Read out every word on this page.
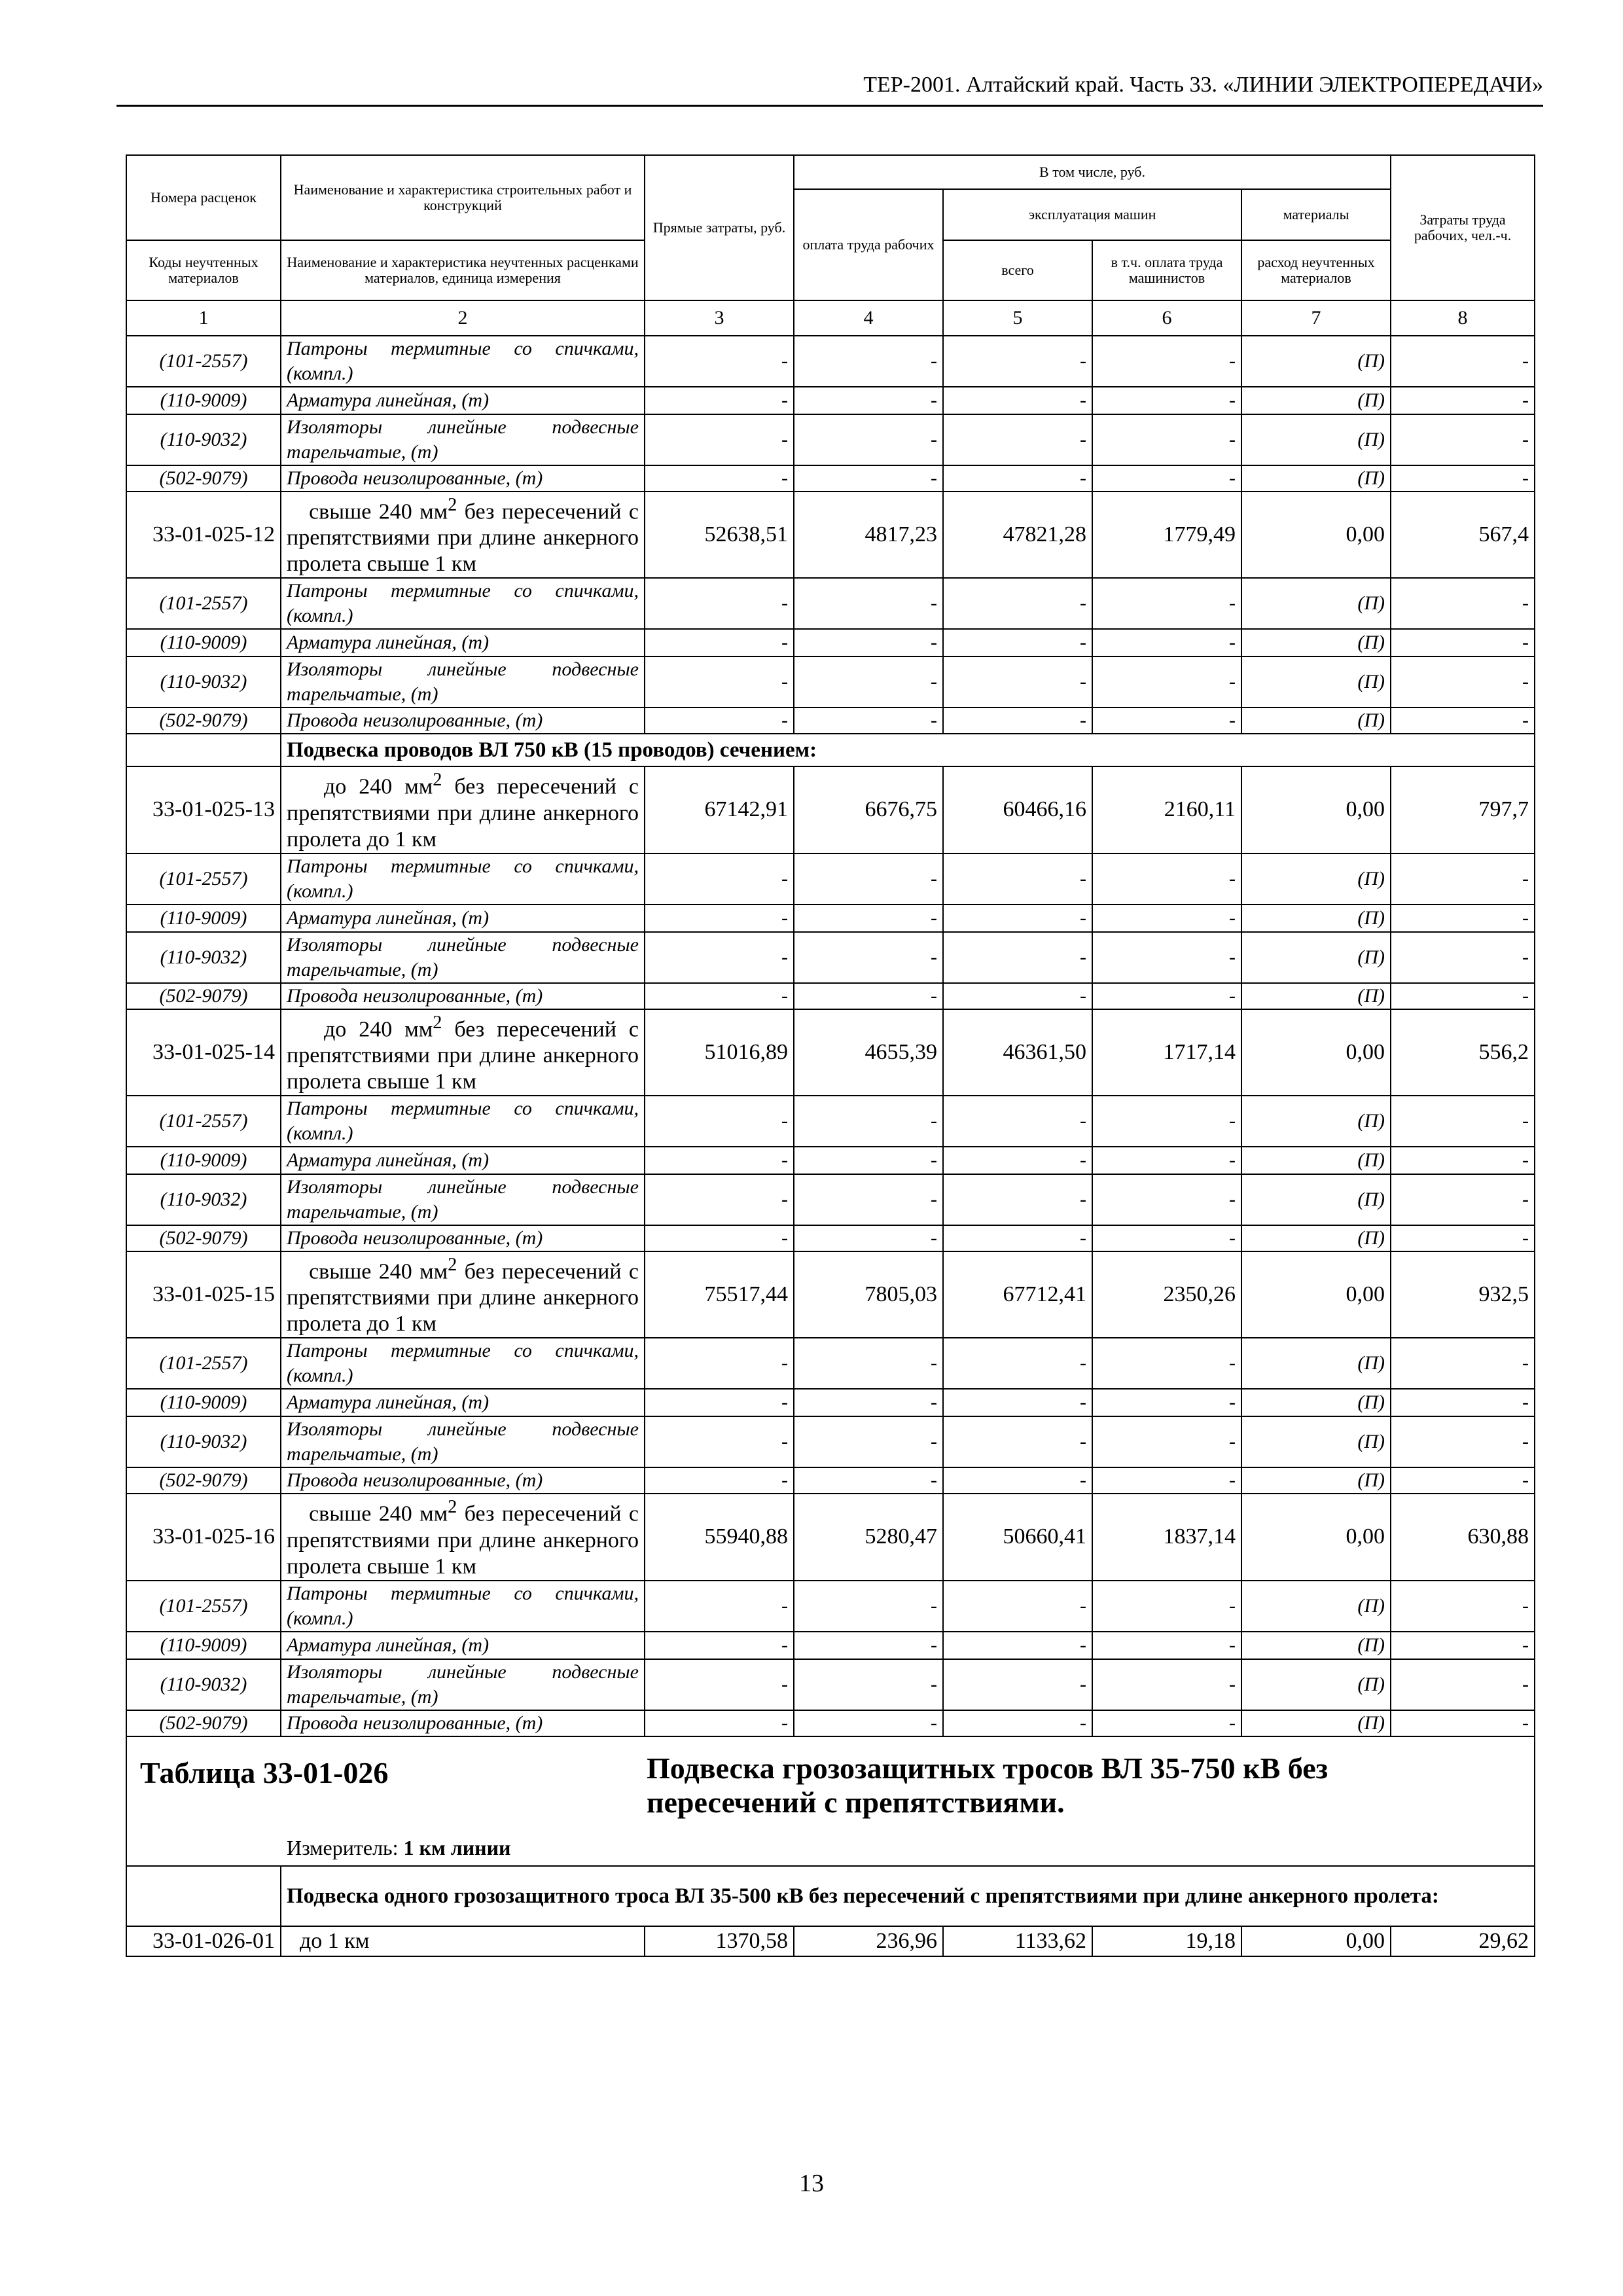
ТЕР-2001. Алтайский край. Часть 33. «ЛИНИИ ЭЛЕКТРОПЕРЕДАЧИ»
Номера расценок	Наименование и характеристика строительных работ и конструкций	Прямые затраты, руб.	В том числе, руб.				Затраты труда рабочих, чел.-ч.
			оплата труда рабочих	эксплуатация машин		материалы	
Коды неучтенных материалов	Наименование и характеристика неучтенных расценками материалов, единица измерения			всего	в т.ч. оплата труда машинистов	расход неучтенных материалов	
1	2	3	4	5	6	7	8
(101-2557)	Патроны термитные со спичками, (компл.)	-	-	-	-	(П)	-
(110-9009)	Арматура линейная, (т)	-	-	-	-	(П)	-
(110-9032)	Изоляторы линейные подвесные тарельчатые, (т)	-	-	-	-	(П)	-
(502-9079)	Провода неизолированные, (т)	-	-	-	-	(П)	-
33-01-025-12	свыше 240 $мм^2$ без пересечений с препятствиями при длине анкерного пролета свыше 1 км	52638,51	4817,23	47821,28	1779,49	0,00	567,4
(101-2557)	Патроны термитные со спичками, (компл.)	-	-	-	-	(П)	-
(110-9009)	Арматура линейная, (т)	-	-	-	-	(П)	-
(110-9032)	Изоляторы линейные подвесные тарельчатые, (т)	-	-	-	-	(П)	-
(502-9079)	Провода неизолированные, (т)	-	-	-	-	(П)	-
	Подвеска проводов ВЛ 750 кВ (15 проводов) сечением:						
33-01-025-13	до 240 $мм^2$ без пересечений с препятствиями при длине анкерного пролета до 1 км	67142,91	6676,75	60466,16	2160,11	0,00	797,7
(101-2557)	Патроны термитные со спичками, (компл.)	-	-	-	-	(П)	-
(110-9009)	Арматура линейная, (т)	-	-	-	-	(П)	-
(110-9032)	Изоляторы линейные подвесные тарельчатые, (т)	-	-	-	-	(П)	-
(502-9079)	Провода неизолированные, (т)	-	-	-	-	(П)	-
33-01-025-14	до 240 $мм^2$ без пересечений с препятствиями при длине анкерного пролета свыше 1 км	51016,89	4655,39	46361,50	1717,14	0,00	556,2
(101-2557)	Патроны термитные со спичками, (компл.)	-	-	-	-	(П)	-
(110-9009)	Арматура линейная, (т)	-	-	-	-	(П)	-
(110-9032)	Изоляторы линейные подвесные тарельчатые, (т)	-	-	-	-	(П)	-
(502-9079)	Провода неизолированные, (т)	-	-	-	-	(П)	-
33-01-025-15	свыше 240 $мм^2$ без пересечений с препятствиями при длине анкерного пролета до 1 км	75517,44	7805,03	67712,41	2350,26	0,00	932,5
(101-2557)	Патроны термитные со спичками, (компл.)	-	-	-	-	(П)	-
(110-9009)	Арматура линейная, (т)	-	-	-	-	(П)	-
(110-9032)	Изоляторы линейные подвесные тарельчатые, (т)	-	-	-	-	(П)	-
(502-9079)	Провода неизолированные, (т)	-	-	-	-	(П)	-
33-01-025-16	свыше 240 $мм^2$ без пересечений с препятствиями при длине анкерного пролета свыше 1 км	55940,88	5280,47	50660,41	1837,14	0,00	630,88
(101-2557)	Патроны термитные со спичками, (компл.)	-	-	-	-	(П)	-
(110-9009)	Арматура линейная, (т)	-	-	-	-	(П)	-
(110-9032)	Изоляторы линейные подвесные тарельчатые, (т)	-	-	-	-	(П)	-
(502-9079)	Провода неизолированные, (т)	-	-	-	-	(П)	-

Таблица 33-01-026
Измеритель: 1 км линии
Подвеска грозозащитных тросов ВЛ 35-750 кВ без пересечений с препятствиями.							

	Подвеска одного грозозащитного троса ВЛ 35-500 кВ без пересечений с препятствиями при длине анкерного пролета:						
33-01-026-01	до 1 км	1370,58	236,96	1133,62	19,18	0,00	29,62
13
